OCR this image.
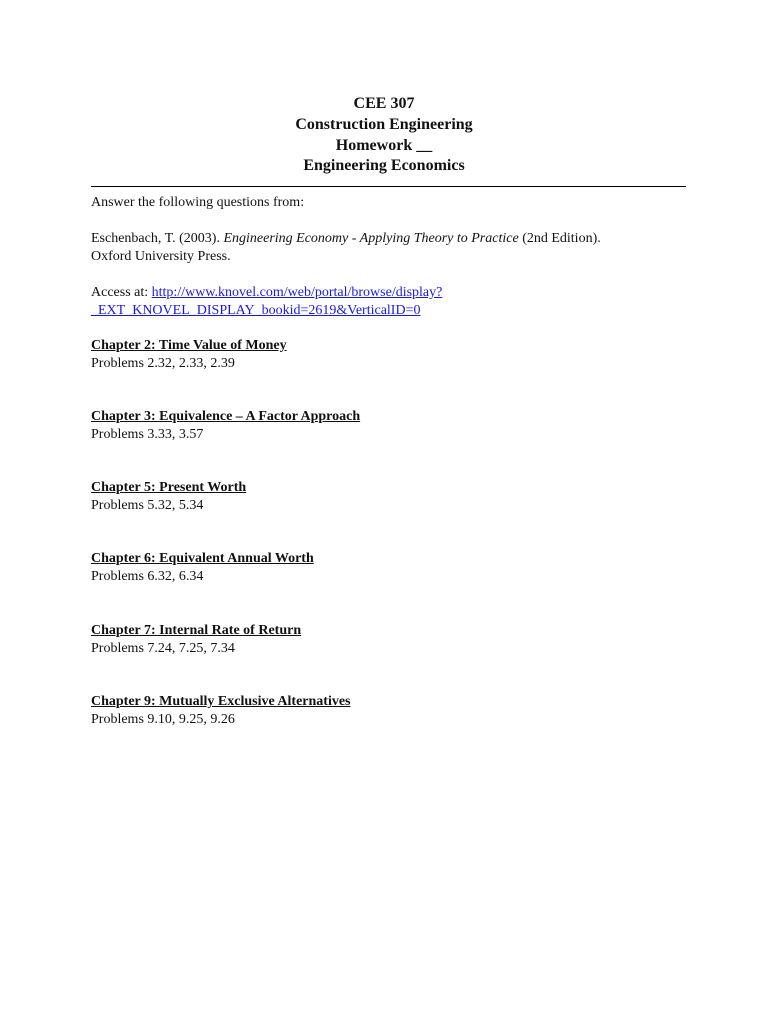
CEE 307
Construction Engineering
Homework __
Engineering Economics

Answer the following questions from:

Eschenbach, T. (2003). Engineering Economy - Applying Theory to Practice (2nd Edition).
Oxford University Press.
Access at: http://www.knovel.com/web/portal/browse/display?
_EXT_KNOVEL_DISPLAY_bookid=2619&VerticalID=0
Chapter 2: Time Value of Money
Problems 2.32, 2.33, 2.39
Chapter 3: Equivalence – A Factor Approach
Problems 3.33, 3.57
Chapter 5: Present Worth
Problems 5.32, 5.34
Chapter 6: Equivalent Annual Worth
Problems 6.32, 6.34
Chapter 7: Internal Rate of Return
Problems 7.24, 7.25, 7.34
Chapter 9: Mutually Exclusive Alternatives
Problems 9.10, 9.25, 9.26
